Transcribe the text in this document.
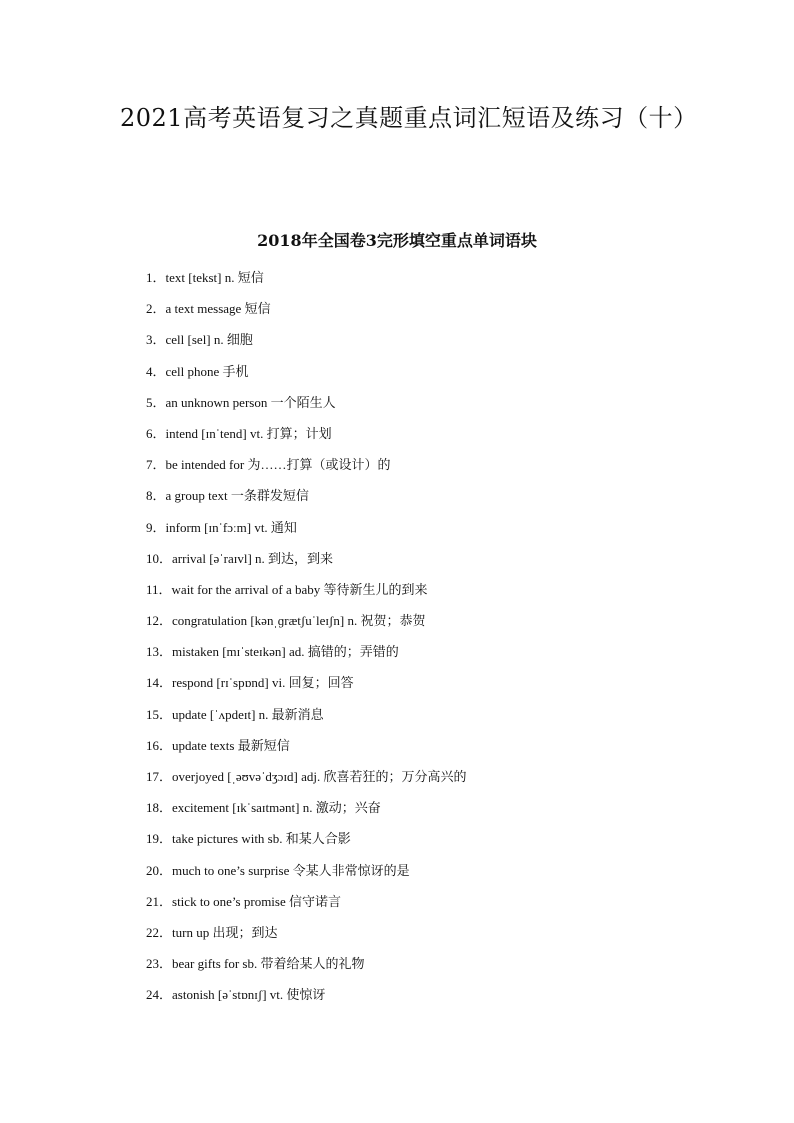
2021高考英语复习之真题重点词汇短语及练习（十）
2018年全国卷3完形填空重点单词语块
1．text [tekst] n. 短信
2．a text message 短信
3．cell [sel] n. 细胞
4．cell phone 手机
5．an unknown person 一个陌生人
6．intend [ɪnˈtend] vt. 打算；计划
7．be intended for 为……打算（或设计）的
8．a group text 一条群发短信
9．inform [ɪnˈfɔːm] vt. 通知
10．arrival [əˈraɪvl] n. 到达，到来
11．wait for the arrival of a baby 等待新生儿的到来
12．congratulation [kənˌɡrætʃuˈleɪʃn] n. 祝贺；恭贺
13．mistaken [mɪˈsteɪkən] ad. 搞错的；弄错的
14．respond [rɪˈspɒnd] vi. 回复；回答
15．update [ˈʌpdeɪt] n. 最新消息
16．update texts 最新短信
17．overjoyed [ˌəʊvəˈdʒɔɪd] adj. 欣喜若狂的；万分高兴的
18．excitement [ɪkˈsaɪtmənt] n. 激动；兴奋
19．take pictures with sb. 和某人合影
20．much to one’s surprise 令某人非常惊讶的是
21．stick to one’s promise 信守诺言
22．turn up 出现；到达
23．bear gifts for sb. 带着给某人的礼物
24．astonish [əˈstɒnɪʃ] vt. 使惊讶
